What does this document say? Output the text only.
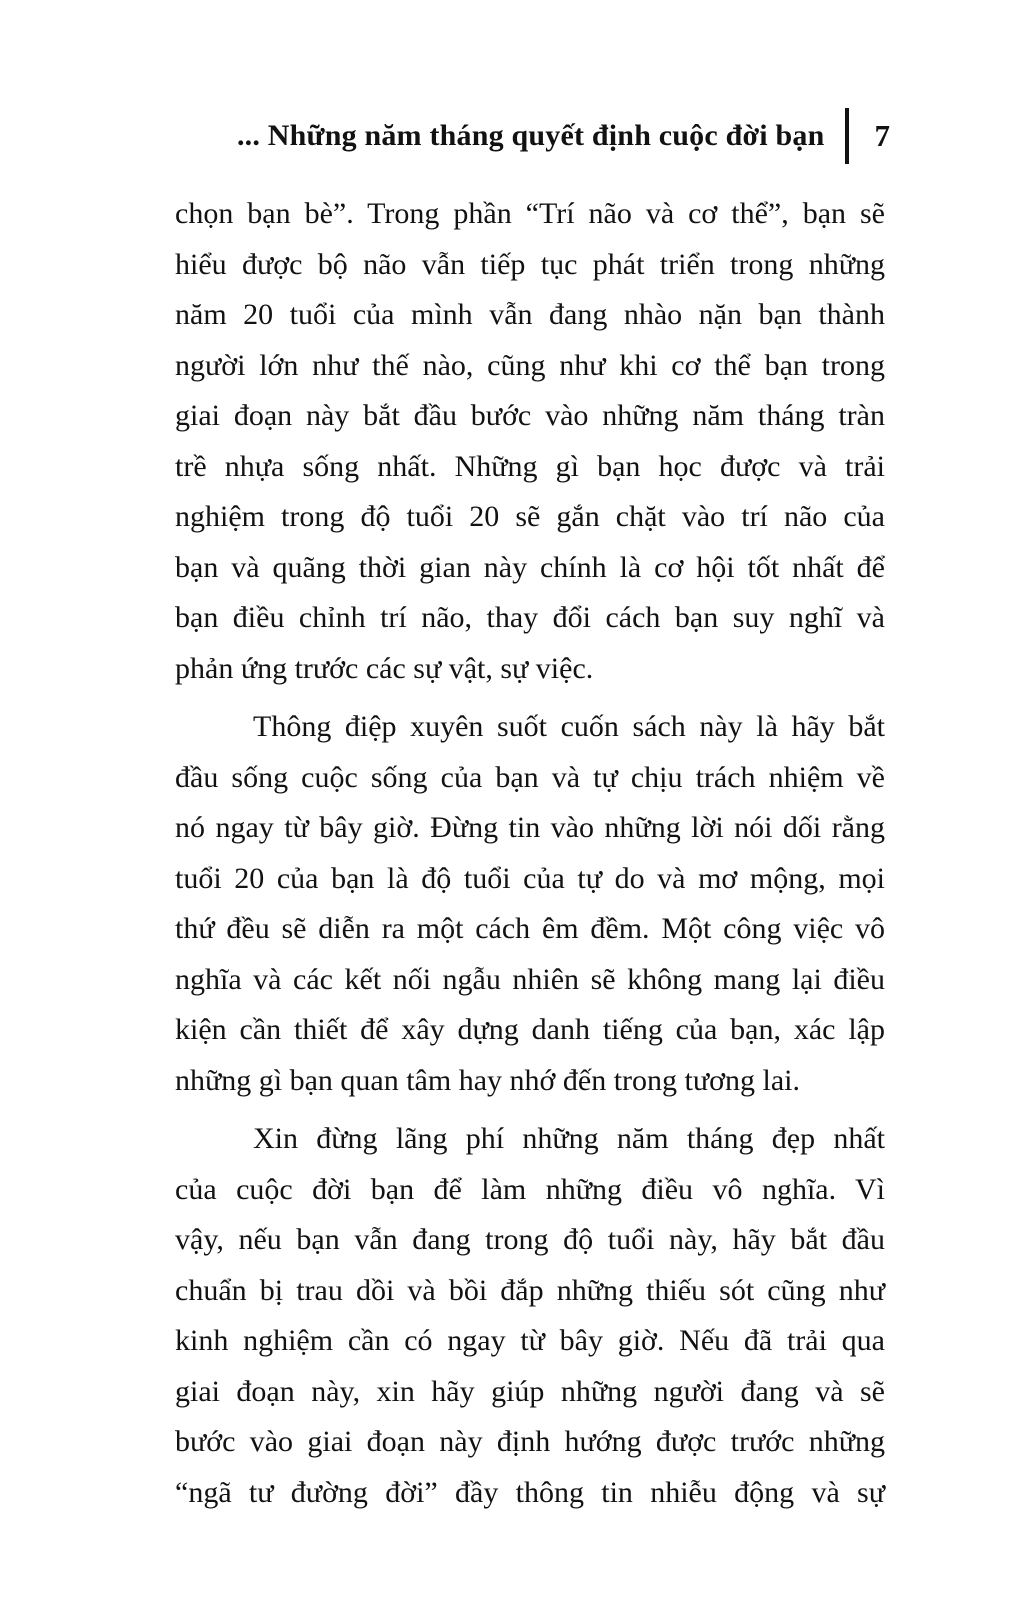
... Những năm tháng quyết định cuộc đời bạn 7
chọn bạn bè”. Trong phần “Trí não và cơ thể”, bạn sẽ
hiểu được bộ não vẫn tiếp tục phát triển trong những
năm 20 tuổi của mình vẫn đang nhào nặn bạn thành
người lớn như thế nào, cũng như khi cơ thể bạn trong
giai đoạn này bắt đầu bước vào những năm tháng tràn
trề nhựa sống nhất. Những gì bạn học được và trải
nghiệm trong độ tuổi 20 sẽ gắn chặt vào trí não của
bạn và quãng thời gian này chính là cơ hội tốt nhất để
bạn điều chỉnh trí não, thay đổi cách bạn suy nghĩ và
phản ứng trước các sự vật, sự việc.
Thông điệp xuyên suốt cuốn sách này là hãy bắt
đầu sống cuộc sống của bạn và tự chịu trách nhiệm về
nó ngay từ bây giờ. Đừng tin vào những lời nói dối rằng
tuổi 20 của bạn là độ tuổi của tự do và mơ mộng, mọi
thứ đều sẽ diễn ra một cách êm đềm. Một công việc vô
nghĩa và các kết nối ngẫu nhiên sẽ không mang lại điều
kiện cần thiết để xây dựng danh tiếng của bạn, xác lập
những gì bạn quan tâm hay nhớ đến trong tương lai.
Xin đừng lãng phí những năm tháng đẹp nhất
của cuộc đời bạn để làm những điều vô nghĩa. Vì
vậy, nếu bạn vẫn đang trong độ tuổi này, hãy bắt đầu
chuẩn bị trau dồi và bồi đắp những thiếu sót cũng như
kinh nghiệm cần có ngay từ bây giờ. Nếu đã trải qua
giai đoạn này, xin hãy giúp những người đang và sẽ
bước vào giai đoạn này định hướng được trước những
“ngã tư đường đời” đầy thông tin nhiễu động và sự
